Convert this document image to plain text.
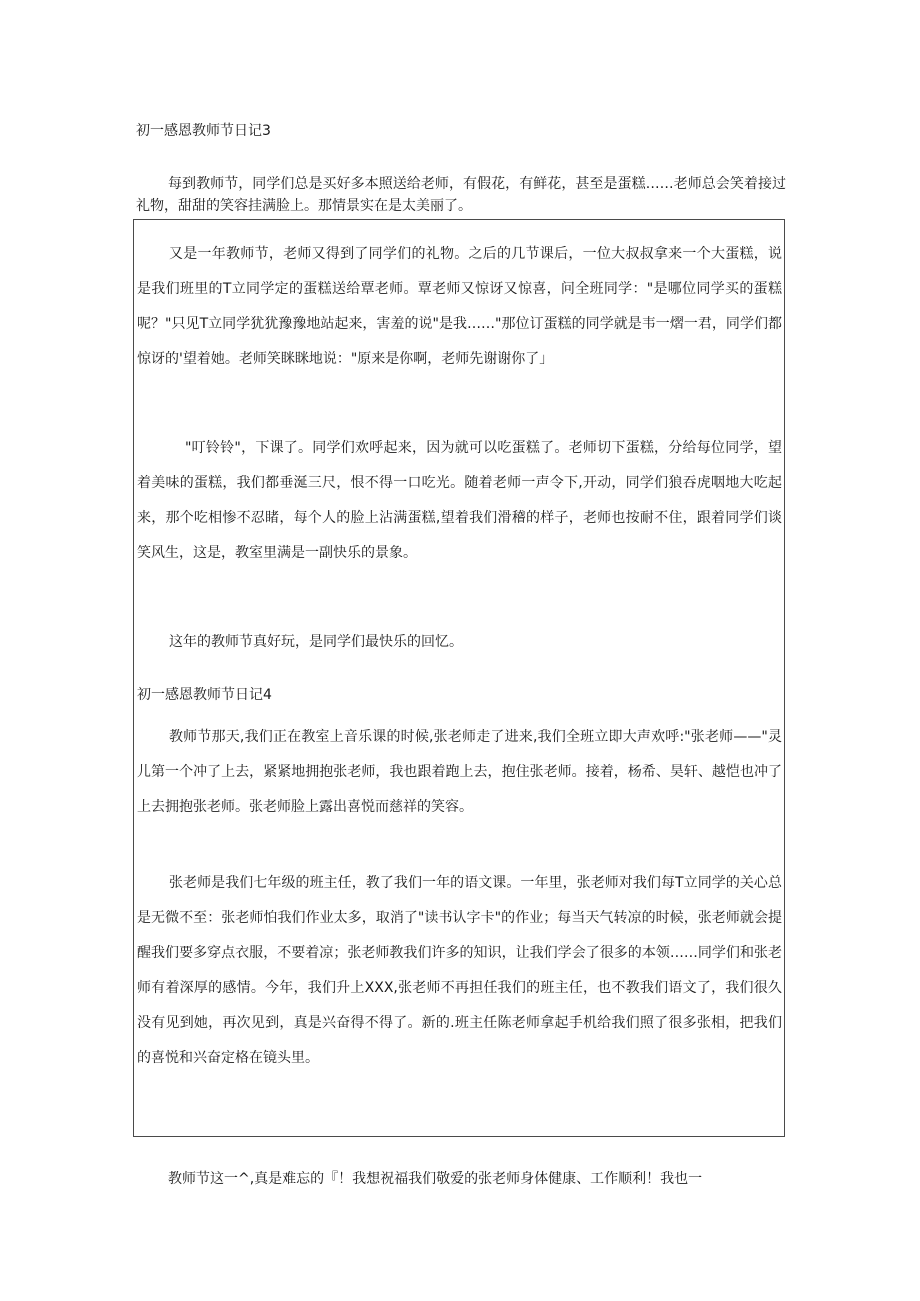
初一感恩教师节日记3
每到教师节，同学们总是买好多本照送给老师，有假花，有鲜花，甚至是蛋糕……老师总会笑着接过礼物，甜甜的笑容挂满脸上。那情景实在是太美丽了。
又是一年教师节，老师又得到了同学们的礼物。之后的几节课后，一位大叔叔拿来一个大蛋糕，说是我们班里的T立同学定的蛋糕送给覃老师。覃老师又惊讶又惊喜，问全班同学："是哪位同学买的蛋糕呢？"只见T立同学犹犹豫豫地站起来，害羞的说"是我……"那位订蛋糕的同学就是韦一熠一君，同学们都惊讶的'望着她。老师笑眯眯地说："原来是你啊，老师先谢谢你了」
"叮铃铃"，下课了。同学们欢呼起来，因为就可以吃蛋糕了。老师切下蛋糕，分给每位同学，望着美味的蛋糕，我们都垂涎三尺，恨不得一口吃光。随着老师一声令下,开动，同学们狼吞虎咽地大吃起来，那个吃相惨不忍睹，每个人的脸上沾满蛋糕,望着我们滑稽的样子，老师也按耐不住，跟着同学们谈笑风生，这是，教室里满是一副快乐的景象。
这年的教师节真好玩，是同学们最快乐的回忆。
初一感恩教师节日记4
教师节那天,我们正在教室上音乐课的时候,张老师走了进来,我们全班立即大声欢呼:"张老师——"灵儿第一个冲了上去，紧紧地拥抱张老师，我也跟着跑上去，抱住张老师。接着，杨希、昊轩、越恺也冲了上去拥抱张老师。张老师脸上露出喜悦而慈祥的笑容。
张老师是我们七年级的班主任，教了我们一年的语文课。一年里，张老师对我们每T立同学的关心总是无微不至：张老师怕我们作业太多，取消了"读书认字卡"的作业；每当天气转凉的时候，张老师就会提醒我们要多穿点衣服，不要着凉；张老师教我们许多的知识，让我们学会了很多的本领……同学们和张老师有着深厚的感情。今年，我们升上XXX,张老师不再担任我们的班主任，也不教我们语文了，我们很久没有见到她，再次见到，真是兴奋得不得了。新的.班主任陈老师拿起手机给我们照了很多张相，把我们的喜悦和兴奋定格在镜头里。
教师节这一^,真是难忘的『！我想祝福我们敬爱的张老师身体健康、工作顺利！我也一
